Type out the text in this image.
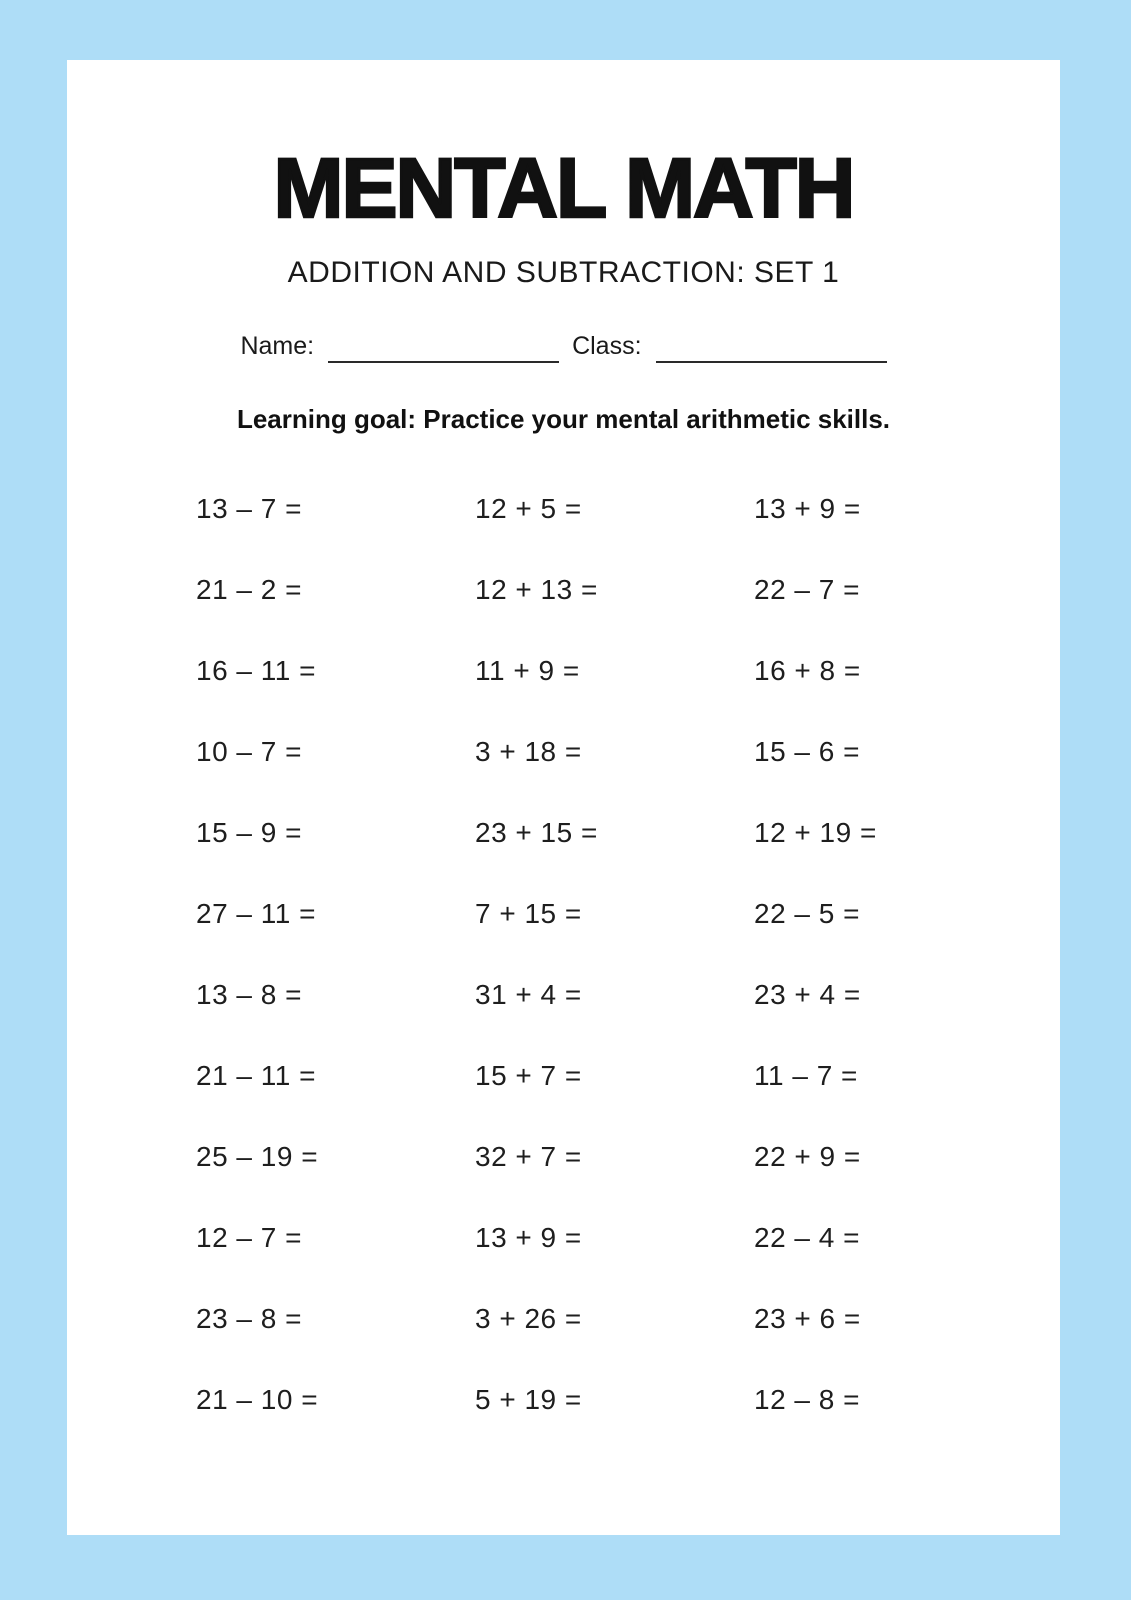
MENTAL MATH
ADDITION AND SUBTRACTION: SET 1
Name:	Class:
Learning goal: Practice your mental arithmetic skills.
13 – 7 =	12 + 5 =	13 + 9 =
21 – 2 =	12 + 13 =	22 – 7 =
16 – 11 =	11 + 9 =	16 + 8 =
10 – 7 =	3 + 18 =	15 – 6 =
15 – 9 =	23 + 15 =	12 + 19 =
27 – 11 =	7 + 15 =	22 – 5 =
13 – 8 =	31 + 4 =	23 + 4 =
21 – 11 =	15 + 7 =	11 – 7 =
25 – 19 =	32 + 7 =	22 + 9 =
12 – 7 =	13 + 9 =	22 – 4 =
23 – 8 =	3 + 26 =	23 + 6 =
21 – 10 =	5 + 19 =	12 – 8 =
